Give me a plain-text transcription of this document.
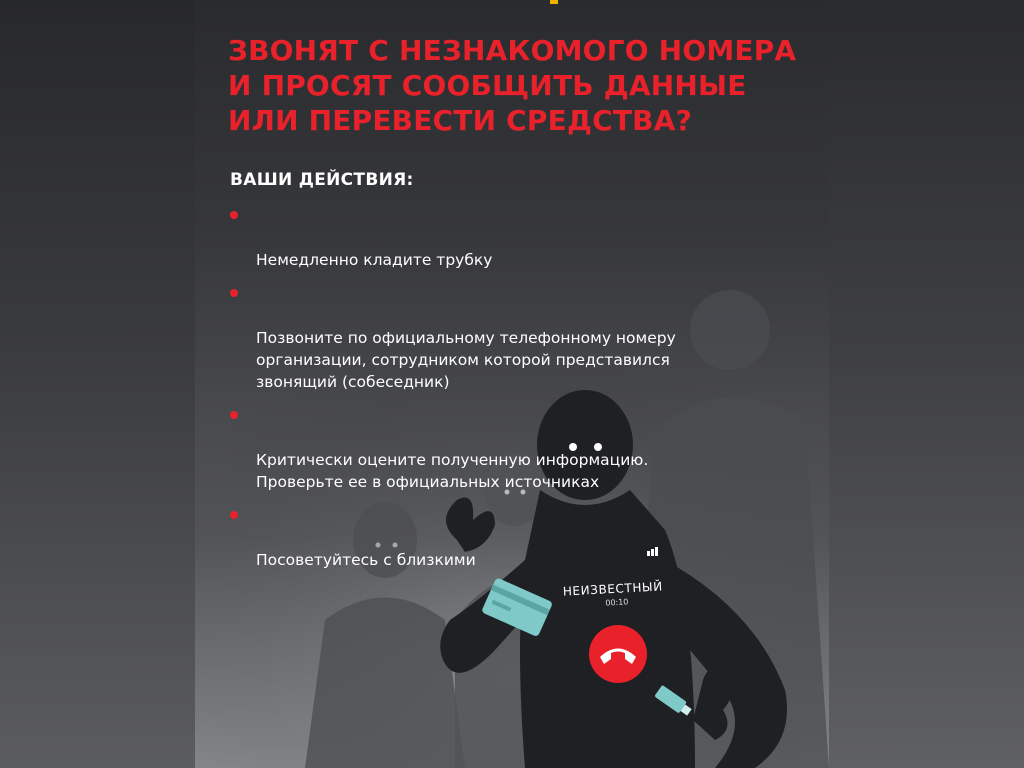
НЕИЗВЕСТНЫЙ
00:10
ЗВОНЯТ С НЕЗНАКОМОГО НОМЕРА
И ПРОСЯТ СООБЩИТЬ ДАННЫЕ
ИЛИ ПЕРЕВЕСТИ СРЕДСТВА?
ВАШИ ДЕЙСТВИЯ:

Немедленно кладите трубку

Позвоните по официальному телефонному номеру
организации, сотрудником которой представился
звонящий (собеседник)

Критически оцените полученную информацию.
Проверьте ее в официальных источниках

Посоветуйтесь с близкими
